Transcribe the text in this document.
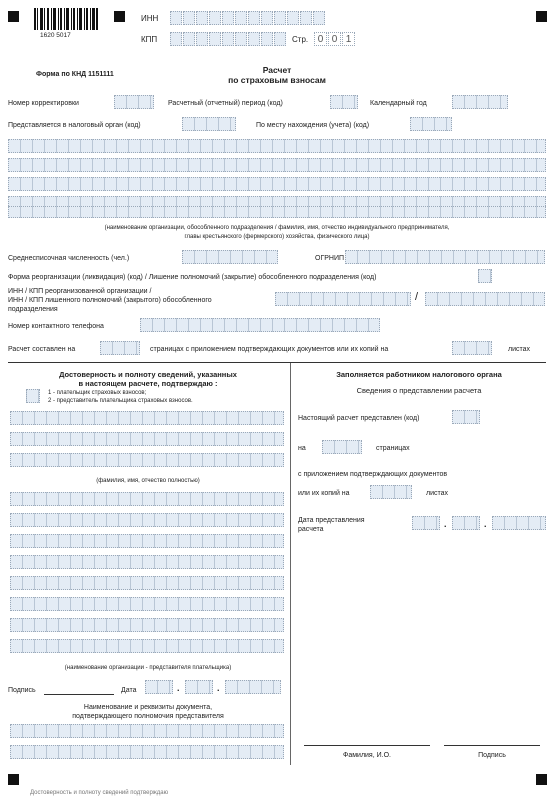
1620 5017
ИНН
КПП	Стр. 0 0 1
Форма по КНД 1151111	Расчет
по страховым взносам
Номер корректировки	Расчетный (отчетный) период (код)	Календарный год
Представляется в налоговый орган (код)	По месту нахождения (учета) (код)
(наименование организации, обособленного подразделения / фамилия, имя, отчество индивидуального предпринимателя,
главы крестьянского (фермерского) хозяйства, физического лица)
Среднесписочная численность (чел.)	ОГРНИП
Форма реорганизации (ликвидация) (код) / Лишение полномочий (закрытие) обособленного подразделения (код)
ИНН / КПП реорганизованной организации /
ИНН / КПП лишенного полномочий (закрытого) обособленного
подразделения
/
Номер контактного телефона
Расчет составлен на	страницах с приложением подтверждающих документов или их копий на	листах
Достоверность и полноту сведений, указанных
в настоящем расчете, подтверждаю :
1 - плательщик страховых взносов;
2 - представитель плательщика страховых взносов.
(фамилия, имя, отчество полностью)
(наименование организации - представителя плательщика)
Подпись	Дата	.	.
Наименование и реквизиты документа,
подтверждающего полномочия представителя
Заполняется работником налогового органа
Сведения о представлении расчета
Настоящий расчет представлен (код)
на	страницах
с приложением подтверждающих документов
или их копий на	листах
Дата представления
расчета
.	.
Фамилия, И.О.	Подпись
Достоверность и полноту сведений подтверждаю
